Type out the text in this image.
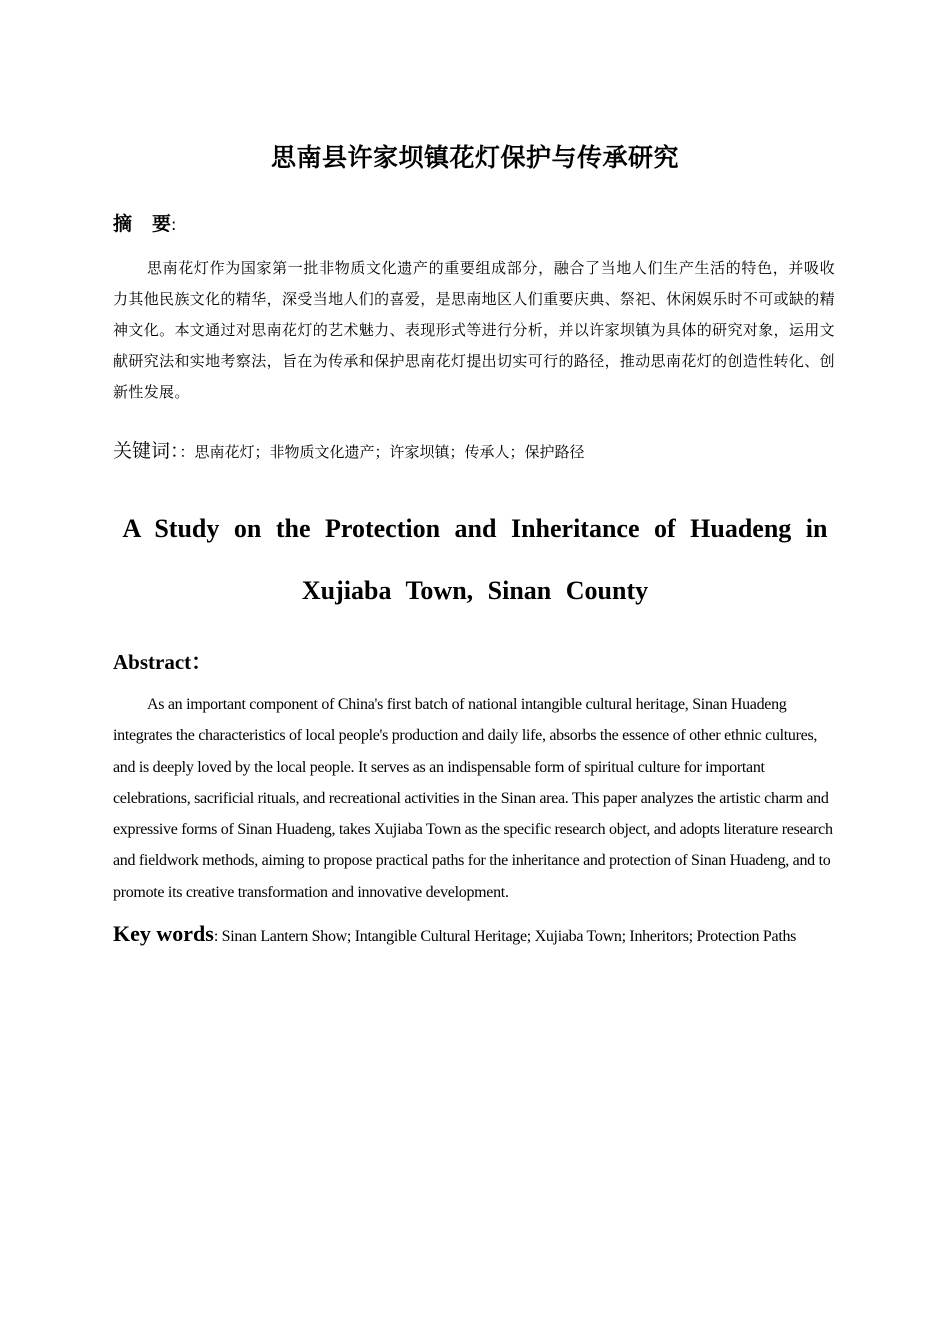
思南县许家坝镇花灯保护与传承研究
摘 要:

思南花灯作为国家第一批非物质文化遗产的重要组成部分，融合了当地人们生产生活的特色，并吸收力其他民族文化的精华，深受当地人们的喜爱，是思南地区人们重要庆典、祭祀、休闲娱乐时不可或缺的精神文化。本文通过对思南花灯的艺术魅力、表现形式等进行分析，并以许家坝镇为具体的研究对象，运用文献研究法和实地考察法，旨在为传承和保护思南花灯提出切实可行的路径，推动思南花灯的创造性转化、创新性发展。

关键词：：思南花灯；非物质文化遗产；许家坝镇；传承人；保护路径
A Study on the Protection and Inheritance of Huadeng in
Xujiaba Town, Sinan County
Abstract：

As an important component of China's first batch of national intangible cultural heritage, Sinan Huadeng integrates the characteristics of local people's production and daily life, absorbs the essence of other ethnic cultures, and is deeply loved by the local people. It serves as an indispensable form of spiritual culture for important celebrations, sacrificial rituals, and recreational activities in the Sinan area. This paper analyzes the artistic charm and expressive forms of Sinan Huadeng, takes Xujiaba Town as the specific research object, and adopts literature research and fieldwork methods, aiming to propose practical paths for the inheritance and protection of Sinan Huadeng, and to promote its creative transformation and innovative development.

Key words: Sinan Lantern Show; Intangible Cultural Heritage; Xujiaba Town; Inheritors; Protection Paths
